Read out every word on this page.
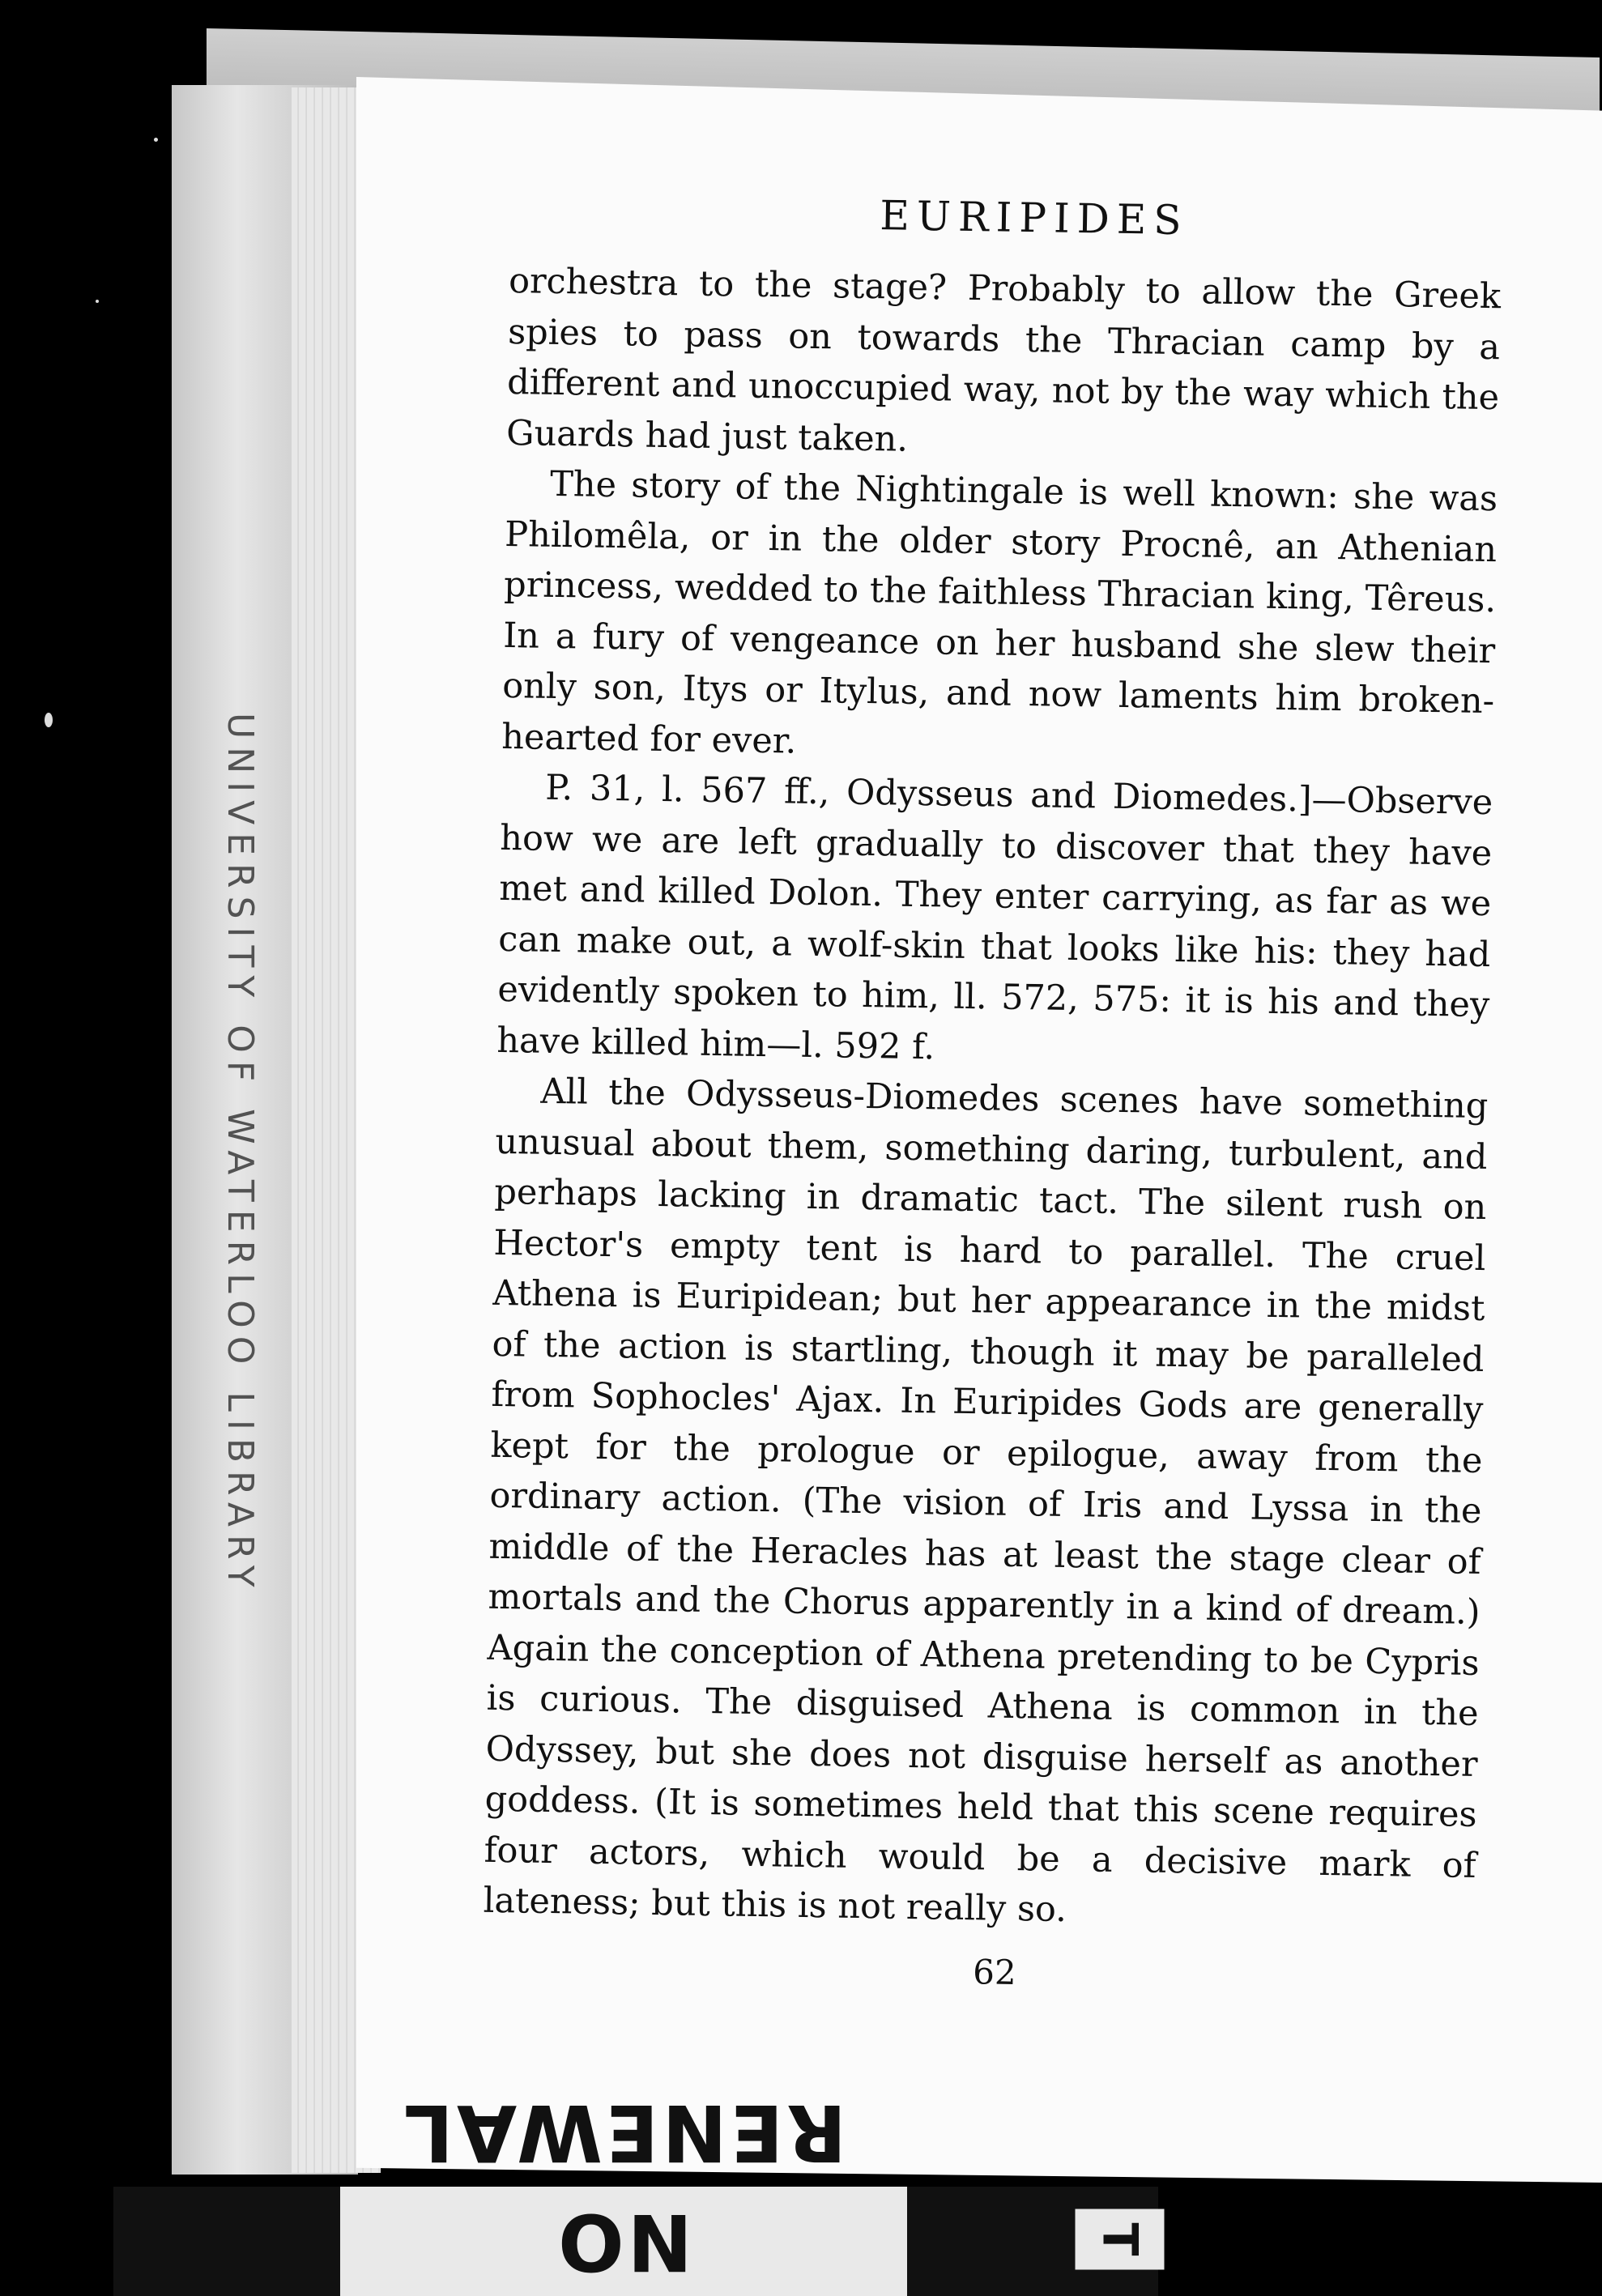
UNIVERSITY OF WATERLOO LIBRARY
EURIPIDES

orchestra to the stage? Probably to allow the Greek spies to pass on towards the Thracian camp by a different and unoccupied way, not by the way which the Guards had just taken.

The story of the Nightingale is well known: she was Philomêla, or in the older story Procnê, an Athenian princess, wedded to the faithless Thracian king, Têreus. In a fury of vengeance on her husband she slew their only son, Itys or Itylus, and now laments him broken-hearted for ever.

P. 31, l. 567 ff., Odysseus and Diomedes.]—Observe how we are left gradually to discover that they have met and killed Dolon. They enter carrying, as far as we can make out, a wolf-skin that looks like his: they had evidently spoken to him, ll. 572, 575: it is his and they have killed him—l. 592 f.

All the Odysseus-Diomedes scenes have something unusual about them, something daring, turbulent, and perhaps lacking in dramatic tact. The silent rush on Hector's empty tent is hard to parallel. The cruel Athena is Euripidean; but her appearance in the midst of the action is startling, though it may be paralleled from Sophocles' Ajax. In Euripides Gods are generally kept for the prologue or epilogue, away from the ordinary action. (The vision of Iris and Lyssa in the middle of the Heracles has at least the stage clear of mortals and the Chorus apparently in a kind of dream.) Again the conception of Athena pretending to be Cypris is curious. The disguised Athena is common in the Odyssey, but she does not disguise herself as another goddess. (It is sometimes held that this scene requires four actors, which would be a decisive mark of lateness; but this is not really so.

62
NO RENEWAL
T
